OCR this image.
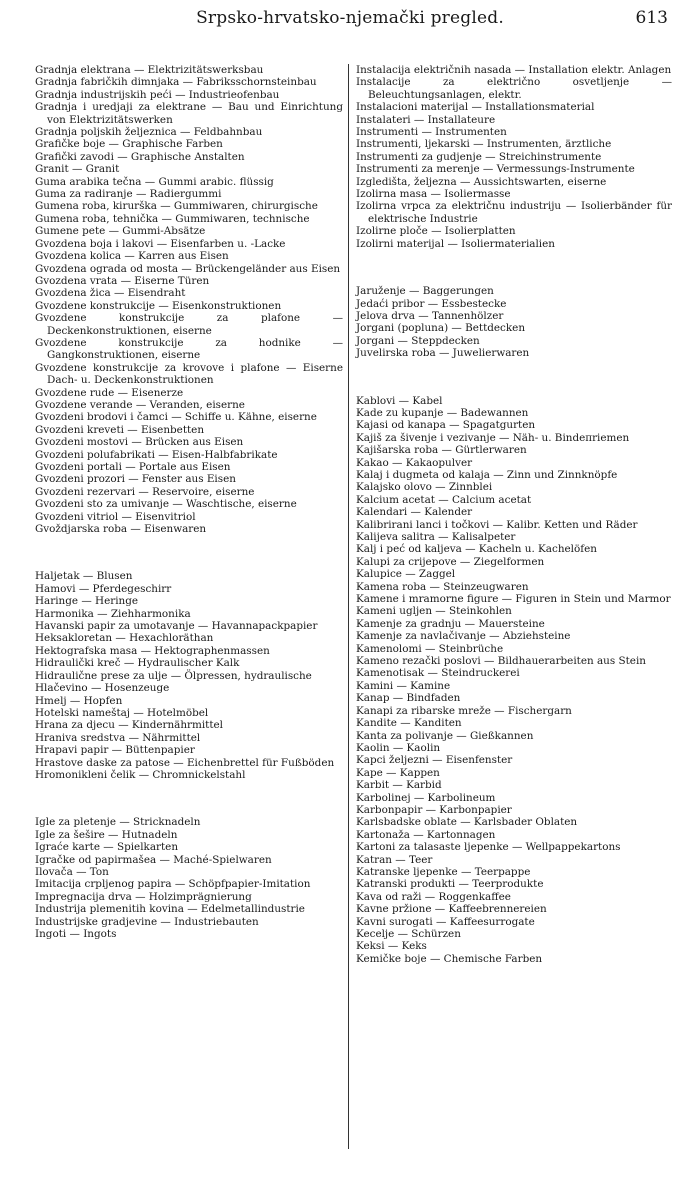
Srpsko-hrvatsko-njemački pregled.	613

Gradnja elektrana — Elektrizitätswerksbau

Gradnja fabričkih dimnjaka — Fabriksschornsteinbau

Gradnja industrijskih peći — Industrieofenbau

Gradnja i uredjaji za elektrane — Bau und Einrichtung von Elektrizitätswerken

Gradnja poljskih željeznica — Feldbahnbau

Grafičke boje — Graphische Farben

Grafički zavodi — Graphische Anstalten

Granit — Granit

Guma arabika tečna — Gummi arabic. flüssig

Guma za radiranje — Radiergummi

Gumena roba, kirurška — Gummiwaren, chirurgische

Gumena roba, tehnička — Gummiwaren, technische

Gumene pete — Gummi-Absätze

Gvozdena boja i lakovi — Eisenfarben u. -Lacke

Gvozdena kolica — Karren aus Eisen

Gvozdena ograda od mosta — Brückengeländer aus Eisen

Gvozdena vrata — Eiserne Türen

Gvozdena žica — Eisendraht

Gvozdene konstrukcije — Eisenkonstruktionen

Gvozdene konstrukcije za plafone — Deckenkonstruktionen, eiserne

Gvozdene konstrukcije za hodnike — Gangkonstruktionen, eiserne

Gvozdene konstrukcije za krovove i plafone — Eiserne Dach- u. Deckenkonstruktionen

Gvozdene rude — Eisenerze

Gvozdene verande — Veranden, eiserne

Gvozdeni brodovi i čamci — Schiffe u. Kähne, eiserne

Gvozdeni kreveti — Eisenbetten

Gvozdeni mostovi — Brücken aus Eisen

Gvozdeni polufabrikati — Eisen-Halbfabrikate

Gvozdeni portali — Portale aus Eisen

Gvozdeni prozori — Fenster aus Eisen

Gvozdeni rezervari — Reservoire, eiserne

Gvozdeni sto za umivanje — Waschtische, eiserne

Gvozdeni vitriol — Eisenvitriol

Gvoždjarska roba — Eisenwaren

Haljetak — Blusen

Hamovi — Pferdegeschirr

Haringe — Heringe

Harmonika — Ziehharmonika

Havanski papir za umotavanje — Havannapackpapier

Heksakloretan — Hexachloräthan

Hektografska masa — Hektographenmassen

Hidraulički kreč — Hydraulischer Kalk

Hidraulične prese za ulje — Ölpressen, hydraulische

Hlačevino — Hosenzeuge

Hmelj — Hopfen

Hotelski nameštaj — Hotelmöbel

Hrana za djecu — Kindernährmittel

Hraniva sredstva — Nährmittel

Hrapavi papir — Büttenpapier

Hrastove daske za patose — Eichenbrettel für Fußböden

Hromonikleni čelik — Chromnickelstahl

Igle za pletenje — Stricknadeln

Igle za šešire — Hutnadeln

Igraće karte — Spielkarten

Igračke od papirmašea — Maché-Spielwaren

Ilovača — Ton

Imitacija crpljenog papira — Schöpfpapier-Imitation

Impregnacija drva — Holzimprägnierung

Industrija plemenitih kovina — Edelmetallindustrie

Industrijske gradjevine — Industriebauten

Ingoti — Ingots

Instalacija električnih nasada — Installation elektr. Anlagen

Instalacije za električno osvetljenje — Beleuchtungsanlagen, elektr.

Instalacioni materijal — Installationsmaterial

Instalateri — Installateure

Instrumenti — Instrumenten

Instrumenti, ljekarski — Instrumenten, ärztliche

Instrumenti za gudjenje — Streichinstrumente

Instrumenti za merenje — Vermessungs-Instrumente

Izgledišta, željezna — Aussichtswarten, eiserne

Izolirna masa — Isoliermasse

Izolirna vrpca za električnu industriju — Isolierbänder für elektrische Industrie

Izolirne ploče — Isolierplatten

Izolirni materijal — Isoliermaterialien

Jaruženje — Baggerungen

Jedaći pribor — Essbestecke

Jelova drva — Tannenhölzer

Jorgani (popluna) — Bettdecken

Jorgani — Steppdecken

Juvelirska roba — Juwelierwaren

Kablovi — Kabel

Kade zu kupanje — Badewannen

Kajasi od kanapa — Spagatgurten

Kajiš za šivenje i vezivanje — Näh- u. Bindeπriemen

Kajišarska roba — Gürtlerwaren

Kakao — Kakaopulver

Kalaj i dugmeta od kalaja — Zinn und Zinnknöpfe

Kalajsko olovo — Zinnblei

Kalcium acetat — Calcium acetat

Kalendari — Kalender

Kalibrirani lanci i točkovi — Kalibr. Ketten und Räder

Kalijeva salitra — Kalisalpeter

Kalj i peć od kaljeva — Kacheln u. Kachelöfen

Kalupi za crijepove — Ziegelformen

Kalupice — Zaggel

Kamena roba — Steinzeugwaren

Kamene i mramorne figure — Figuren in Stein und Marmor

Kameni ugljen — Steinkohlen

Kamenje za gradnju — Mauersteine

Kamenje za navlačivanje — Abziehsteine

Kamenolomi — Steinbrüche

Kameno rezački poslovi — Bildhauerarbeiten aus Stein

Kamenotisak — Steindruckerei

Kamini — Kamine

Kanap — Bindfaden

Kanapi za ribarske mreže — Fischergarn

Kandite — Kanditen

Kanta za polivanje — Gießkannen

Kaolin — Kaolin

Kapci željezni — Eisenfenster

Kape — Kappen

Karbit — Karbid

Karbolinej — Karbolineum

Karbonpapir — Karbonpapier

Karlsbadske oblate — Karlsbader Oblaten

Kartonaža — Kartonnagen

Kartoni za talasaste ljepenke — Wellpappekartons

Katran — Teer

Katranske ljepenke — Teerpappe

Katranski produkti — Teerprodukte

Kava od raži — Roggenkaffee

Kavne pržione — Kaffeebrennereien

Kavni surogati — Kaffeesurrogate

Kecelje — Schürzen

Keksi — Keks

Kemičke boje — Chemische Farben
